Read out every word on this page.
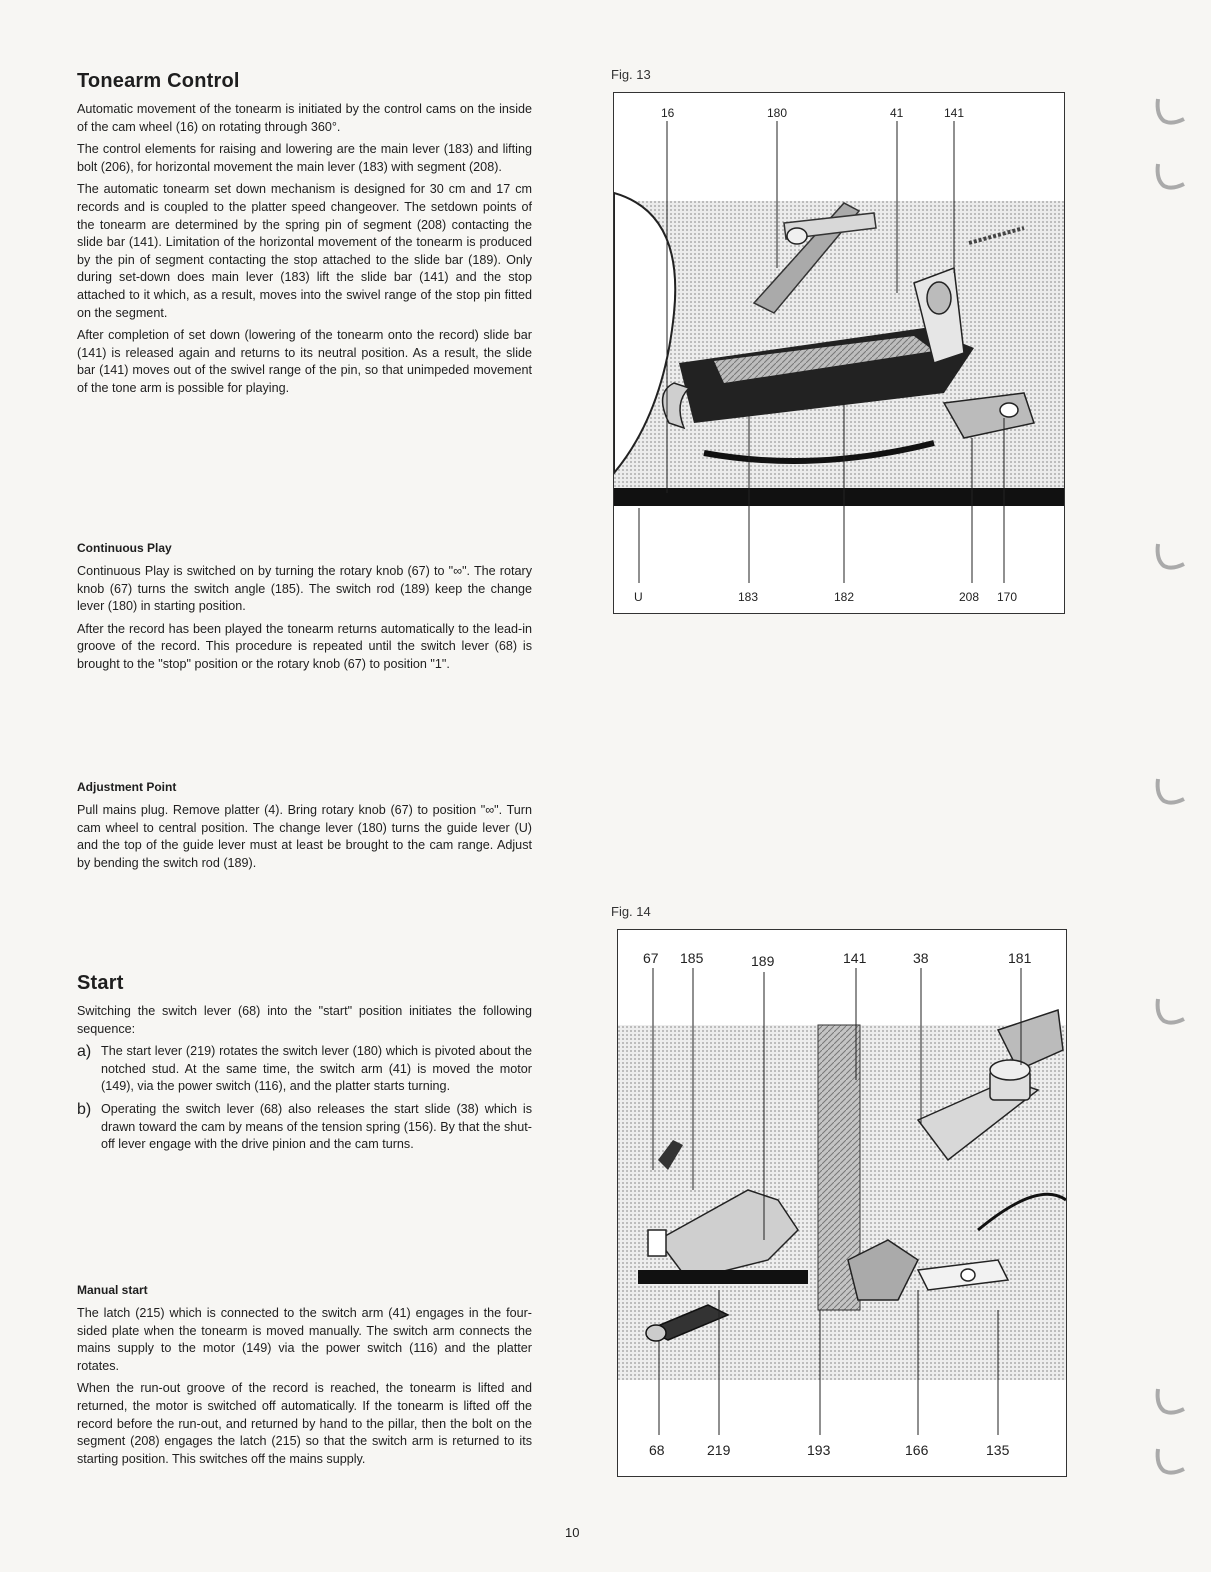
Tonearm Control

Automatic movement of the tonearm is initiated by the control cams on the inside of the cam wheel (16) on rotating through 360°.

The control elements for raising and lowering are the main lever (183) and lifting bolt (206), for horizontal movement the main lever (183) with segment (208).

The automatic tonearm set down mechanism is designed for 30 cm and 17 cm records and is coupled to the platter speed changeover. The setdown points of the tonearm are determined by the spring pin of segment (208) contacting the slide bar (141). Limitation of the horizontal movement of the tonearm is produced by the pin of segment contacting the stop attached to the slide bar (189). Only during set-down does main lever (183) lift the slide bar (141) and the stop attached to it which, as a result, moves into the swivel range of the stop pin fitted on the segment.

After completion of set down (lowering of the tonearm onto the record) slide bar (141) is released again and returns to its neutral position. As a result, the slide bar (141) moves out of the swivel range of the pin, so that unimpeded movement of the tone arm is possible for playing.

Continuous Play

Continuous Play is switched on by turning the rotary knob (67) to "∞". The rotary knob (67) turns the switch angle (185). The switch rod (189) keep the change lever (180) in starting position.

After the record has been played the tonearm returns automatically to the lead-in groove of the record. This procedure is repeated until the switch lever (68) is brought to the "stop" position or the rotary knob (67) to position "1".

Adjustment Point

Pull mains plug. Remove platter (4). Bring rotary knob (67) to position "∞". Turn cam wheel to central position. The change lever (180) turns the guide lever (U) and the top of the guide lever must at least be brought to the cam range. Adjust by bending the switch rod (189).

Start

Switching the switch lever (68) into the "start" position initiates the following sequence:

a) The start lever (219) rotates the switch lever (180) which is pivoted about the notched stud. At the same time, the switch arm (41) is moved the motor (149), via the power switch (116), and the platter starts turning.

b) Operating the switch lever (68) also releases the start slide (38) which is drawn toward the cam by means of the tension spring (156). By that the shut-off lever engage with the drive pinion and the cam turns.

Manual start

The latch (215) which is connected to the switch arm (41) engages in the four-sided plate when the tonearm is moved manually. The switch arm connects the mains supply to the motor (149) via the power switch (116) and the platter rotates.

When the run-out groove of the record is reached, the tonearm is lifted and returned, the motor is switched off automatically. If the tonearm is lifted off the record before the run-out, and returned by hand to the pillar, then the bolt on the segment (208) engages the latch (215) so that the switch arm is returned to its starting position. This switches off the mains supply.

Fig. 13
16	180	41	141
U	183	182	208 170
Fig. 14
67 185	189	141	38	181
68	219	193	166	135
10
